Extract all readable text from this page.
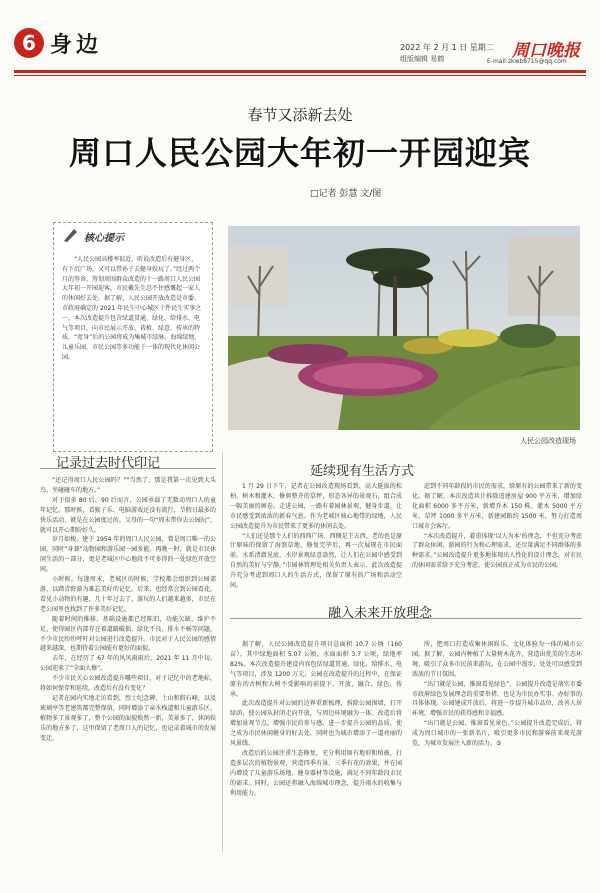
6 身边	2022 年 2 月 1 日 星期二
组版编辑 易鹤	周口晚报
E-mail:zkwb8715@qq.com
春节又添新去处
周口人民公园大年初一开园迎宾
□记者 彭慧 文/图
核心提示
“人民公园高楼率很近，听说改造后有健身区，有下沉广场，又可以带孙子去健身娱玩了。”经过两个月的筹备，筹划周围群众改造的十一路周口人民公园大年初一开园迎客，市民戴先生忍不住感慨起一家人的休闲好去处。据了解，人民公园开放改造是市委、市政府确定的 2021 年民生中心城区十件民生实事之一，本次改造提升包含绿道贯通、绿化、给排水、电气等项目，向市民展示开放、栽植、绿意、传承的特质，“宽身”后的公园将成为集城市绿脉、海绵绿地、儿童乐园、市民公园等多功能于一体的现代化休闲公园。
人民公园改造现场
记录过去时代印记

“还记得周口人民公园吗？”“当然了，那是我第一次见到大头鸟、坐碰碰车的地方。”

对于很多 80 后、90 后而言，公园承载了无数动周口人的童年记忆。那时候，看猴子乐、电脑游戏还没有流行，节假日最多的快乐活动，就是在公园度过的。父母的一句“周末带你去公园玩”，就可以开心期盼好久。

岁月如梭。建于 1954 年的周口人民公园，曾是周口唯一的公园，同时“身兼”动物园和游乐园一园多能。再晚一时，就是市民休闲生活的一部分，更是老城区中心地段不可多得的一处绿色开放空间。

小时候，每逢周末，老城区的时候，学校都会组织到公园郊游，以踏青野游为难忘美好的记忆。后来，也经常会到公园看花，看见小动物的有趣，几十年过去了，游玩的人们越来越多，市民在老公园里也找到了许多美好记忆。

随着时间的推移，基础设施都已经陈旧，功能欠缺，维护不足，使得园区内部存在着道路破损、绿化不良、排水不畅等问题，不少市民纷纷呼吁对公园进行改造提升。市民对于人民公园的感情越来越深，也期待着公园能有更好的面貌。

去年，在经历了 67 年的风风雨雨后，2021 年 11 月中旬，公园迎来了“全面大修”。

不少市民关心公园改造提升哪些项目，对于记忆中的老地标，将如何保存和延续，改造后有没有变化？

记者在园内实地走访看到，烈士纪念碑、土山和假石峰，以及琉璃亭等老建筑都完整保留，同时增添了亲水栈道和儿童游乐区，植物多了景观多了，整个公园的面貌焕然一新，美景多了，休闲娱乐的地方多了，这里保留了老周口人的记忆，也记录着城市的发展变迁。

延续现有生活方式

1 月 29 日下午，记者在公园改造现场看到，高大挺拔的松柏、树木和灌木，修剪整齐的草坪，形态各异的景观石，组合成一幅美丽的画卷。走进公园，一路有着园林景观、健身步道，让市民感受到浓浓的新春气息。作为老城区核心地带的绿地，人民公园改造提升为市民带来了更多的休闲去处。

“人们还是那个人们的西西广场、西侧是王五西，老的也是原汁原味的保留了海浪草地，修复完毕后，再一次展现在市民面前。水系清澈见底，水岸景观绿意盎然，让人们在公园中感受到自然的美好与宁静。”市园林管理处相关负责人表示，此次改造提升充分考虑到周口人的生活方式，保留了原有的广场和活动空间。

虑到不同年龄段的市民的需求，给原有的公园带来了新的变化。据了解，本次改造共计拆除违建房屋 900 平方米，增加绿化面积 6000 多平方米，新增乔木 150 株、灌木 5000 平方米，草坪 1000 多平方米，新建园路约 1500 米，努力打造周口城市会客厅。

“本次改造提升，着重体现‘以人为本’的理念，不但充分考虑了群众休闲、游园的行为和心理需求，还尽量满足不同群体的多种需求。”公园改造提升更多地体现出人性化的设计理念，对市民的休闲需求给予充分考虑，使公园真正成为市民的公园。

融入未来开放理念

据了解，人民公园改造提升项目总面积 10.7 公顷（160 亩），其中绿地面积 5.07 公顷，水面面积 3.7 公顷，绿地率 82%。本次改造提升建设内容包括绿道贯通、绿化、给排水、电气等项目，涉及 1200 万元。公园在改造提升的过程中，在保证原有的古树和大树不受影响的前提下，开放、融合、绿色、传承。

此次改造提升对公园的边界重新梳理，拆除公园围墙，打开绿荫，使公园从封闭走向开放，与周边环境融为一体。改造后将增加景观节点，增强市民的参与感，进一步提升公园的品质，使之成为市民休闲健身的好去处，同时也为城市增添了一道亮丽的风景线。

改造后的公园注重生态修复，充分利用原有地形和植被，打造多层次的植物景观，营造四季有景、三季有花的效果，并在园内增设了儿童游乐场地、健身器材等设施，满足不同年龄段市民的需求。同时，公园还将融入海绵城市理念，提升雨水的收集与利用能力。

所，把周口打造成集休闲娱乐、文化体验为一体的城市公园。据了解，公园内种植了大量树木花卉，营造出优美的生态环境，吸引了众多市民前来游玩。在公园中漫步，处处可以感受到浓浓的节日氛围。

“出门就是公园，推窗看见绿色”，公园提升改造是落实市委市政府绿色发展理念的重要举措，也是为市民办实事、办好事的具体体现。公园建成开放后，将进一步提升城市品位，改善人居环境，增强市民的获得感和幸福感。

“出门就是公园，推窗看见景色。”公园提升改造完成后，将成为周口城市的一张新名片，吸引更多市民和游客前来观光游览，为城市发展注入新的活力。⑤
